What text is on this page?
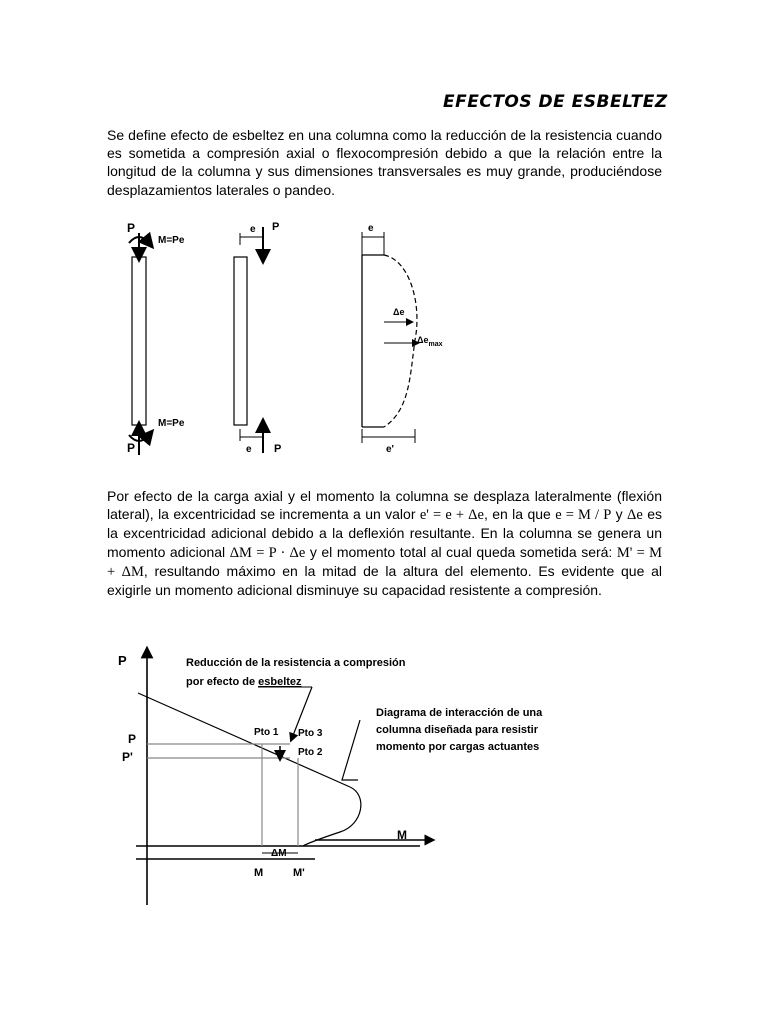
EFECTOS DE ESBELTEZ
Se define efecto de esbeltez en una columna como la reducción de la resistencia cuando es sometida a compresión axial o flexocompresión debido a que la relación entre la longitud de la columna y sus dimensiones transversales es muy grande, produciéndose desplazamientos laterales o pandeo.
P
M=Pe
M=Pe
P
e P
e P
e
Δe
$\Delta e_{max}$
e'
Por efecto de la carga axial y el momento la columna se desplaza lateralmente (flexión lateral), la excentricidad se incrementa a un valor e' = e + Δe, en la que e = M / P y Δe es la excentricidad adicional debido a la deflexión resultante. En la columna se genera un momento adicional ΔM = P · Δe y el momento total al cual queda sometida será: M' = M + ΔM, resultando máximo en la mitad de la altura del elemento. Es evidente que al exigirle un momento adicional disminuye su capacidad resistente a compresión.
P
M
P
P'
M	M'
ΔM
Pto 1 Pto 3
Pto 2
Reducción de la resistencia a compresión
por efecto de esbeltez
Diagrama de interacción de una
columna diseñada para resistir
momento por cargas actuantes
